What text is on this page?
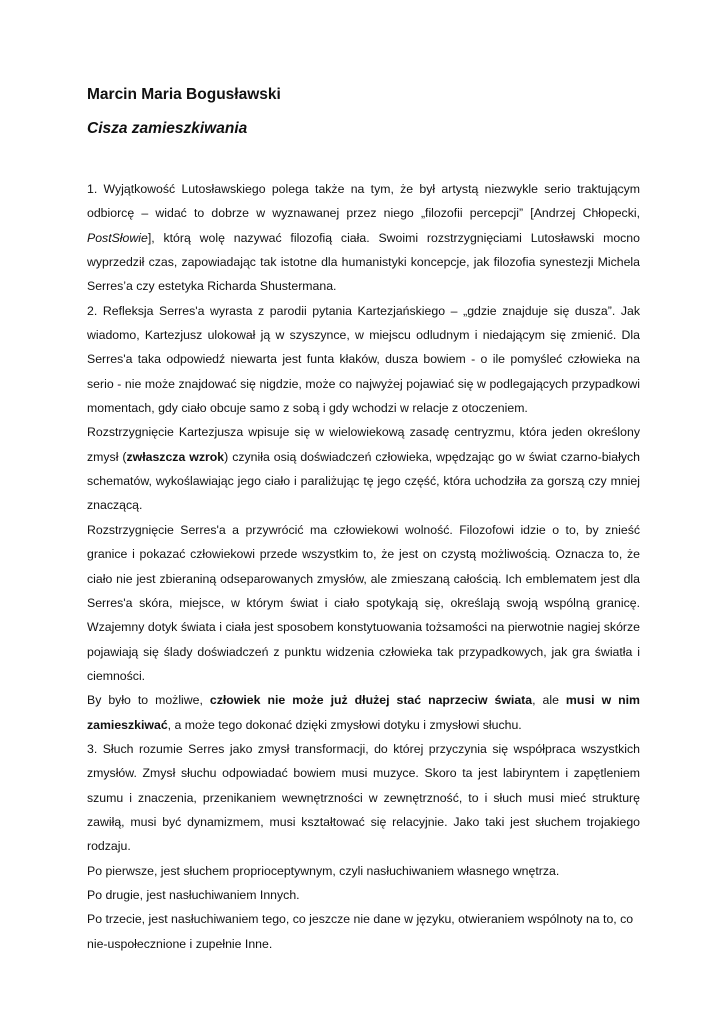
Marcin Maria Bogusławski
Cisza zamieszkiwania

1. Wyjątkowość Lutosławskiego polega także na tym, że był artystą niezwykle serio traktującym odbiorcę – widać to dobrze w wyznawanej przez niego „filozofii percepcji” [Andrzej Chłopecki, PostSłowie], którą wolę nazywać filozofią ciała. Swoimi rozstrzygnięciami Lutosławski mocno wyprzedził czas, zapowiadając tak istotne dla humanistyki koncepcje, jak filozofia synestezji Michela Serres’a czy estetyka Richarda Shustermana.

2. Refleksja Serres'a wyrasta z parodii pytania Kartezjańskiego – „gdzie znajduje się dusza”. Jak wiadomo, Kartezjusz ulokował ją w szyszynce, w miejscu odludnym i niedającym się zmienić. Dla Serres'a taka odpowiedź niewarta jest funta kłaków, dusza bowiem - o ile pomyśleć człowieka na serio - nie może znajdować się nigdzie, może co najwyżej pojawiać się w podlegających przypadkowi momentach, gdy ciało obcuje samo z sobą i gdy wchodzi w relacje z otoczeniem.

Rozstrzygnięcie Kartezjusza wpisuje się w wielowiekową zasadę centryzmu, która jeden określony zmysł (zwłaszcza wzrok) czyniła osią doświadczeń człowieka, wpędzając go w świat czarno-białych schematów, wykoślawiając jego ciało i paraliżując tę jego część, która uchodziła za gorszą czy mniej znaczącą.

Rozstrzygnięcie Serres'a a przywrócić ma człowiekowi wolność. Filozofowi idzie o to, by znieść granice i pokazać człowiekowi przede wszystkim to, że jest on czystą możliwością. Oznacza to, że ciało nie jest zbieraniną odseparowanych zmysłów, ale zmieszaną całością. Ich emblematem jest dla Serres'a skóra, miejsce, w którym świat i ciało spotykają się, określają swoją wspólną granicę. Wzajemny dotyk świata i ciała jest sposobem konstytuowania tożsamości na pierwotnie nagiej skórze pojawiają się ślady doświadczeń z punktu widzenia człowieka tak przypadkowych, jak gra światła i ciemności.

By było to możliwe, człowiek nie może już dłużej stać naprzeciw świata, ale musi w nim zamieszkiwać, a może tego dokonać dzięki zmysłowi dotyku i zmysłowi słuchu.

3. Słuch rozumie Serres jako zmysł transformacji, do której przyczynia się współpraca wszystkich zmysłów. Zmysł słuchu odpowiadać bowiem musi muzyce. Skoro ta jest labiryntem i zapętleniem szumu i znaczenia, przenikaniem wewnętrzności w zewnętrzność, to i słuch musi mieć strukturę zawiłą, musi być dynamizmem, musi kształtować się relacyjnie. Jako taki jest słuchem trojakiego rodzaju.

Po pierwsze, jest słuchem proprioceptywnym, czyli nasłuchiwaniem własnego wnętrza.

Po drugie, jest nasłuchiwaniem Innych.

Po trzecie, jest nasłuchiwaniem tego, co jeszcze nie dane w języku, otwieraniem wspólnoty na to, co nie-uspołecznione i zupełnie Inne.
